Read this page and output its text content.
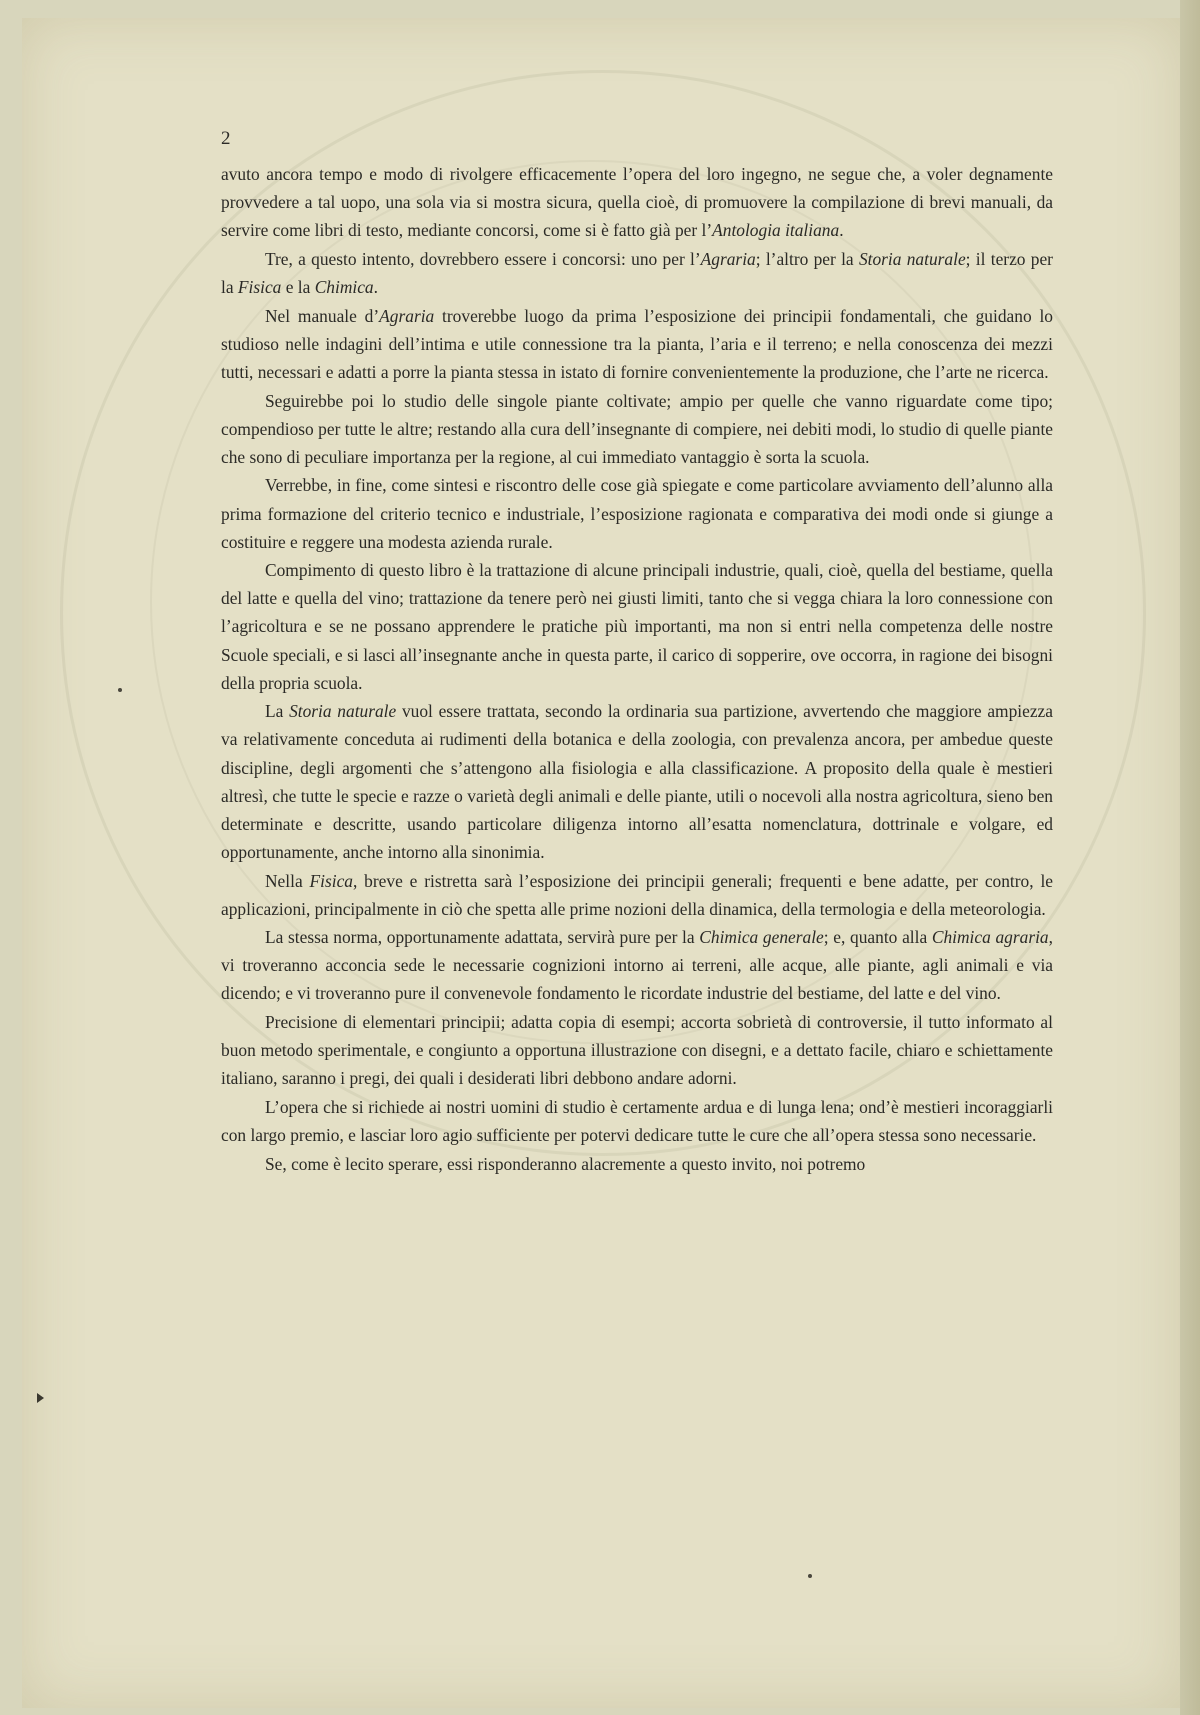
2

avuto ancora tempo e modo di rivolgere efficacemente l’opera del loro ingegno, ne segue che, a voler degnamente provvedere a tal uopo, una sola via si mostra sicura, quella cioè, di promuovere la compilazione di brevi manuali, da servire come libri di testo, mediante concorsi, come si è fatto già per l’Antologia italiana.

Tre, a questo intento, dovrebbero essere i concorsi: uno per l’Agraria; l’altro per la Storia naturale; il terzo per la Fisica e la Chimica.

Nel manuale d’Agraria troverebbe luogo da prima l’esposizione dei principii fondamentali, che guidano lo studioso nelle indagini dell’intima e utile connessione tra la pianta, l’aria e il terreno; e nella conoscenza dei mezzi tutti, necessari e adatti a porre la pianta stessa in istato di fornire convenientemente la produzione, che l’arte ne ricerca.

Seguirebbe poi lo studio delle singole piante coltivate; ampio per quelle che vanno riguardate come tipo; compendioso per tutte le altre; restando alla cura dell’insegnante di compiere, nei debiti modi, lo studio di quelle piante che sono di peculiare importanza per la regione, al cui immediato vantaggio è sorta la scuola.

Verrebbe, in fine, come sintesi e riscontro delle cose già spiegate e come particolare avviamento dell’alunno alla prima formazione del criterio tecnico e industriale, l’esposizione ragionata e comparativa dei modi onde si giunge a costituire e reggere una modesta azienda rurale.

Compimento di questo libro è la trattazione di alcune principali industrie, quali, cioè, quella del bestiame, quella del latte e quella del vino; trattazione da tenere però nei giusti limiti, tanto che si vegga chiara la loro connessione con l’agricoltura e se ne possano apprendere le pratiche più importanti, ma non si entri nella competenza delle nostre Scuole speciali, e si lasci all’insegnante anche in questa parte, il carico di sopperire, ove occorra, in ragione dei bisogni della propria scuola.

La Storia naturale vuol essere trattata, secondo la ordinaria sua partizione, avvertendo che maggiore ampiezza va relativamente conceduta ai rudimenti della botanica e della zoologia, con prevalenza ancora, per ambedue queste discipline, degli argomenti che s’attengono alla fisiologia e alla classificazione. A proposito della quale è mestieri altresì, che tutte le specie e razze o varietà degli animali e delle piante, utili o nocevoli alla nostra agricoltura, sieno ben determinate e descritte, usando particolare diligenza intorno all’esatta nomenclatura, dottrinale e volgare, ed opportunamente, anche intorno alla sinonimia.

Nella Fisica, breve e ristretta sarà l’esposizione dei principii generali; frequenti e bene adatte, per contro, le applicazioni, principalmente in ciò che spetta alle prime nozioni della dinamica, della termologia e della meteorologia.

La stessa norma, opportunamente adattata, servirà pure per la Chimica generale; e, quanto alla Chimica agraria, vi troveranno acconcia sede le necessarie cognizioni intorno ai terreni, alle acque, alle piante, agli animali e via dicendo; e vi troveranno pure il convenevole fondamento le ricordate industrie del bestiame, del latte e del vino.

Precisione di elementari principii; adatta copia di esempi; accorta sobrietà di controversie, il tutto informato al buon metodo sperimentale, e congiunto a opportuna illustrazione con disegni, e a dettato facile, chiaro e schiettamente italiano, saranno i pregi, dei quali i desiderati libri debbono andare adorni.

L’opera che si richiede ai nostri uomini di studio è certamente ardua e di lunga lena; ond’è mestieri incoraggiarli con largo premio, e lasciar loro agio sufficiente per potervi dedicare tutte le cure che all’opera stessa sono necessarie.

Se, come è lecito sperare, essi risponderanno alacremente a questo invito, noi potremo
